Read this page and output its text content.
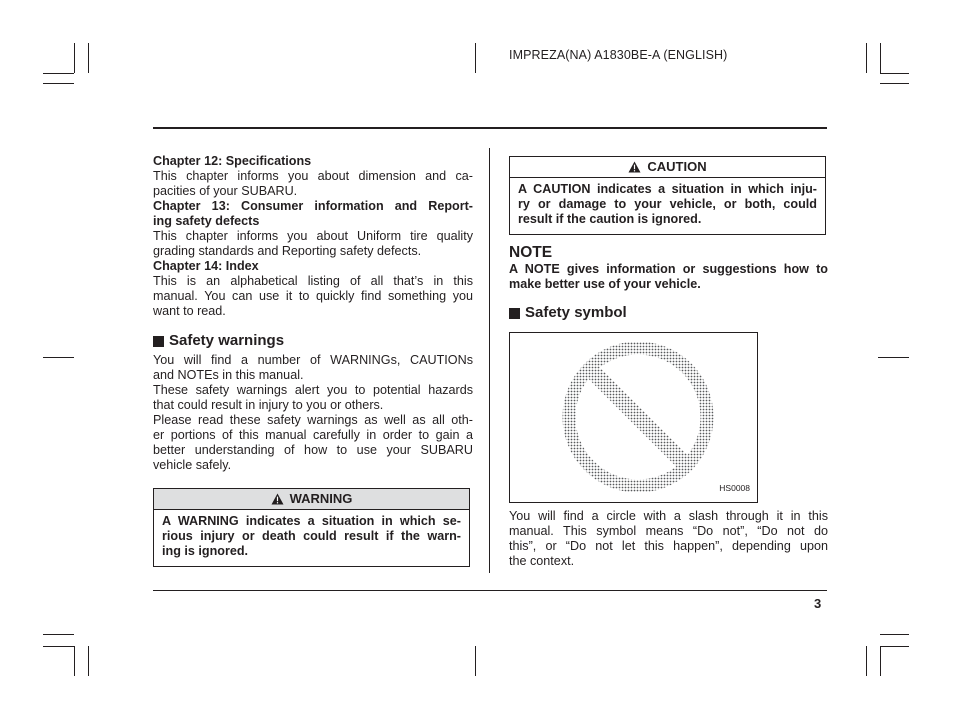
IMPREZA(NA) A1830BE-A (ENGLISH)
Chapter 12: Specifications
This chapter informs you about dimension and ca-
pacities of your SUBARU.
Chapter 13: Consumer information and Report-
ing safety defects
This chapter informs you about Uniform tire quality
grading standards and Reporting safety defects.
Chapter 14: Index
This is an alphabetical listing of all that’s in this
manual. You can use it to quickly find something you
want to read.
Safety warnings
You will find a number of WARNINGs, CAUTIONs
and NOTEs in this manual.
These safety warnings alert you to potential hazards
that could result in injury to you or others.
Please read these safety warnings as well as all oth-
er portions of this manual carefully in order to gain a
better understanding of how to use your SUBARU
vehicle safely.
WARNING
A WARNING indicates a situation in which se-
rious injury or death could result if the warn-
ing is ignored.
CAUTION
A CAUTION indicates a situation in which inju-
ry or damage to your vehicle, or both, could
result if the caution is ignored.
NOTE
A NOTE gives information or suggestions how to
make better use of your vehicle.
Safety symbol
HS0008
You will find a circle with a slash through it in this
manual. This symbol means “Do not”, “Do not do
this”, or “Do not let this happen”, depending upon
the context.
3
